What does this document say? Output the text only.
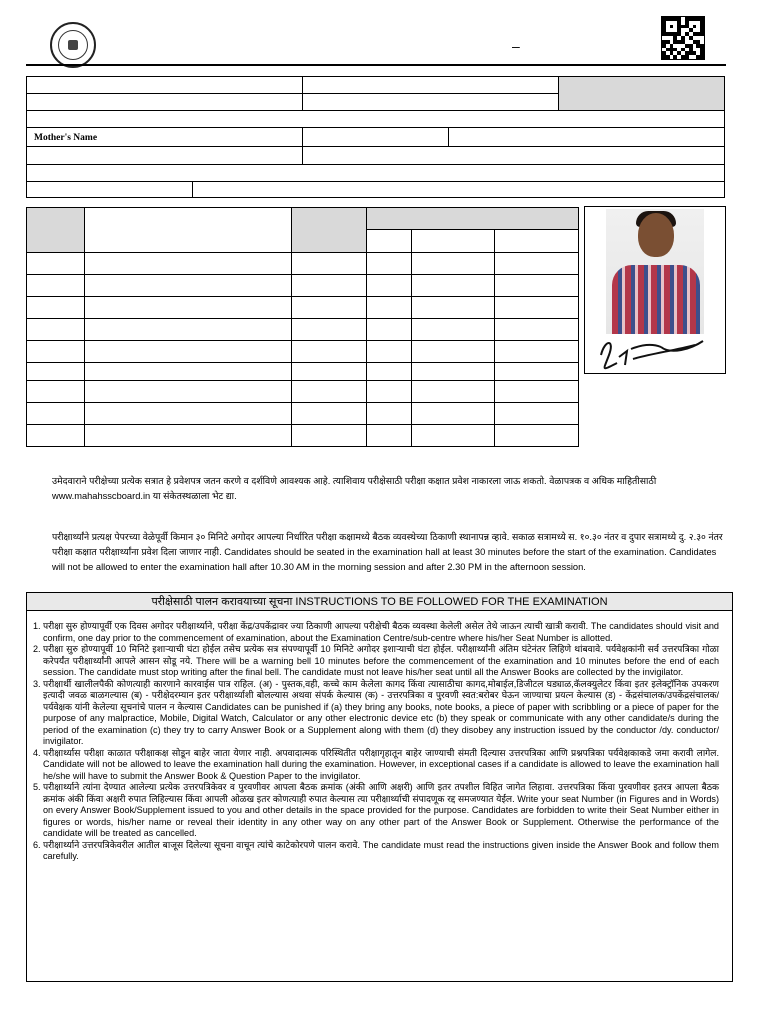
–
Mother's Name
उमेदवाराने परीक्षेच्या प्रत्येक सत्रात हे प्रवेशपत्र जतन करणे व दर्शविणे आवश्यक आहे. त्याशिवाय परीक्षेसाठी परीक्षा कक्षात प्रवेश नाकारला जाऊ शकतो. वेळापत्रक व अधिक माहितीसाठी www.mahahsscboard.in या संकेतस्थळाला भेट द्या.
परीक्षार्थ्यांने प्रत्यक्ष पेपरच्या वेळेपूर्वी किमान ३० मिनिटे अगोदर आपल्या निर्धारित परीक्षा कक्षामध्ये बैठक व्यवस्थेच्या ठिकाणी स्थानापन्न व्हावे. सकाळ सत्रामध्ये स. १०.३० नंतर व दुपार सत्रामध्ये दु. २.३० नंतर परीक्षा कक्षात परीक्षार्थ्यांना प्रवेश दिला जाणार नाही. Candidates should be seated in the examination hall at least 30 minutes before the start of the examination. Candidates will not be allowed to enter the examination hall after 10.30 AM in the morning session and after 2.30 PM in the afternoon session.
परीक्षेसाठी पालन करावयाच्या सूचना INSTRUCTIONS TO BE FOLLOWED FOR THE EXAMINATION
1. परीक्षा सुरु होण्यापूर्वी एक दिवस अगोदर परीक्षार्थ्याने, परीक्षा केंद्र/उपकेंद्रावर ज्या ठिकाणी आपल्या परीक्षेची बैठक व्यवस्था केलेली असेल तेथे जाऊन त्याची खात्री करावी. The candidates should visit and confirm, one day prior to the commencement of examination, about the Examination Centre/sub-centre where his/her Seat Number is allotted.
2. परीक्षा सुरु होण्यापूर्वी 10 मिनिटे इशाऱ्याची घंटा होईल तसेच प्रत्येक सत्र संपण्यापूर्वी 10 मिनिटे अगोदर इशाऱ्याची घंटा होईल. परीक्षार्थ्यांनी अंतिम घंटेनंतर लिहिणे थांबवावे. पर्यवेक्षकांनी सर्व उत्तरपत्रिका गोळा करेपर्यंत परीक्षार्थ्यांनी आपले आसन सोडू नये. There will be a warning bell 10 minutes before the commencement of the examination and 10 minutes before the end of each session. The candidate must stop writing after the final bell. The candidate must not leave his/her seat until all the Answer Books are collected by the invigilator.
3. परीक्षार्थी खालीलपैकी कोणत्याही कारणाने कारवाईस पात्र राहिल. (अ) - पुस्तक,वही, कच्चे काम केलेला कागद किंवा त्यासाठीचा कागद,मोबाईल,डिजीटल घड्याळ,कॅलक्युलेटर किंवा इतर इलेक्ट्रॉनिक उपकरण इत्यादी जवळ बाळगल्यास (ब) - परीक्षेदरम्यान इतर परीक्षार्थ्याशी बोलल्यास अथवा संपर्क केल्यास (क) - उत्तरपत्रिका व पुरवणी स्वत:बरोबर घेऊन जाण्याचा प्रयत्न केल्यास (ड) - केंद्रसंचालक/उपकेंद्रसंचालक/ पर्यवेक्षक यांनी केलेल्या सूचनांचे पालन न केल्यास Candidates can be punished if (a) they bring any books, note books, a piece of paper with scribbling or a piece of paper for the purpose of any malpractice, Mobile, Digital Watch, Calculator or any other electronic device etc (b) they speak or communicate with any other candidate/s during the period of the examination (c) they try to carry Answer Book or a Supplement along with them (d) they disobey any instruction issued by the conductor /dy. conductor/ invigilator.
4. परीक्षार्थ्यास परीक्षा काळात परीक्षाकक्ष सोडून बाहेर जाता येणार नाही. अपवादात्मक परिस्थितीत परीक्षागृहातून बाहेर जाण्याची संमती दिल्यास उत्तरपत्रिका आणि प्रश्नपत्रिका पर्यवेक्षकाकडे जमा करावी लागेल. Candidate will not be allowed to leave the examination hall during the examination. However, in exceptional cases if a candidate is allowed to leave the examination hall he/she will have to submit the Answer Book & Question Paper to the invigilator.
5. परीक्षार्थ्याने त्यांना देण्यात आलेल्या प्रत्येक उत्तरपत्रिकेवर व पुरवणीवर आपला बैठक क्रमांक (अंकी आणि अक्षरी) आणि इतर तपशील विहित जागेत लिहावा. उत्तरपत्रिका किंवा पुरवणीवर इतरत्र आपला बैठक क्रमांक अंकी किंवा अक्षरी रुपात लिहिल्यास किंवा आपली ओळख इतर कोणत्याही रुपात केल्यास त्या परीक्षार्थ्याची संपादणूक रद्द समजण्यात येईल. Write your seat Number (in Figures and in Words) on every Answer Book/Supplement issued to you and other details in the space provided for the purpose. Candidates are forbidden to write their Seat Number either in figures or words, his/her name or reveal their identity in any other way on any other part of the Answer Book or Supplement. Otherwise the performance of the candidate will be treated as cancelled.
6. परीक्षार्थ्याने उत्तरपत्रिकेवरील आतील बाजूस दिलेल्या सूचना वाचून त्यांचे काटेकोरपणे पालन करावे. The candidate must read the instructions given inside the Answer Book and follow them carefully.
